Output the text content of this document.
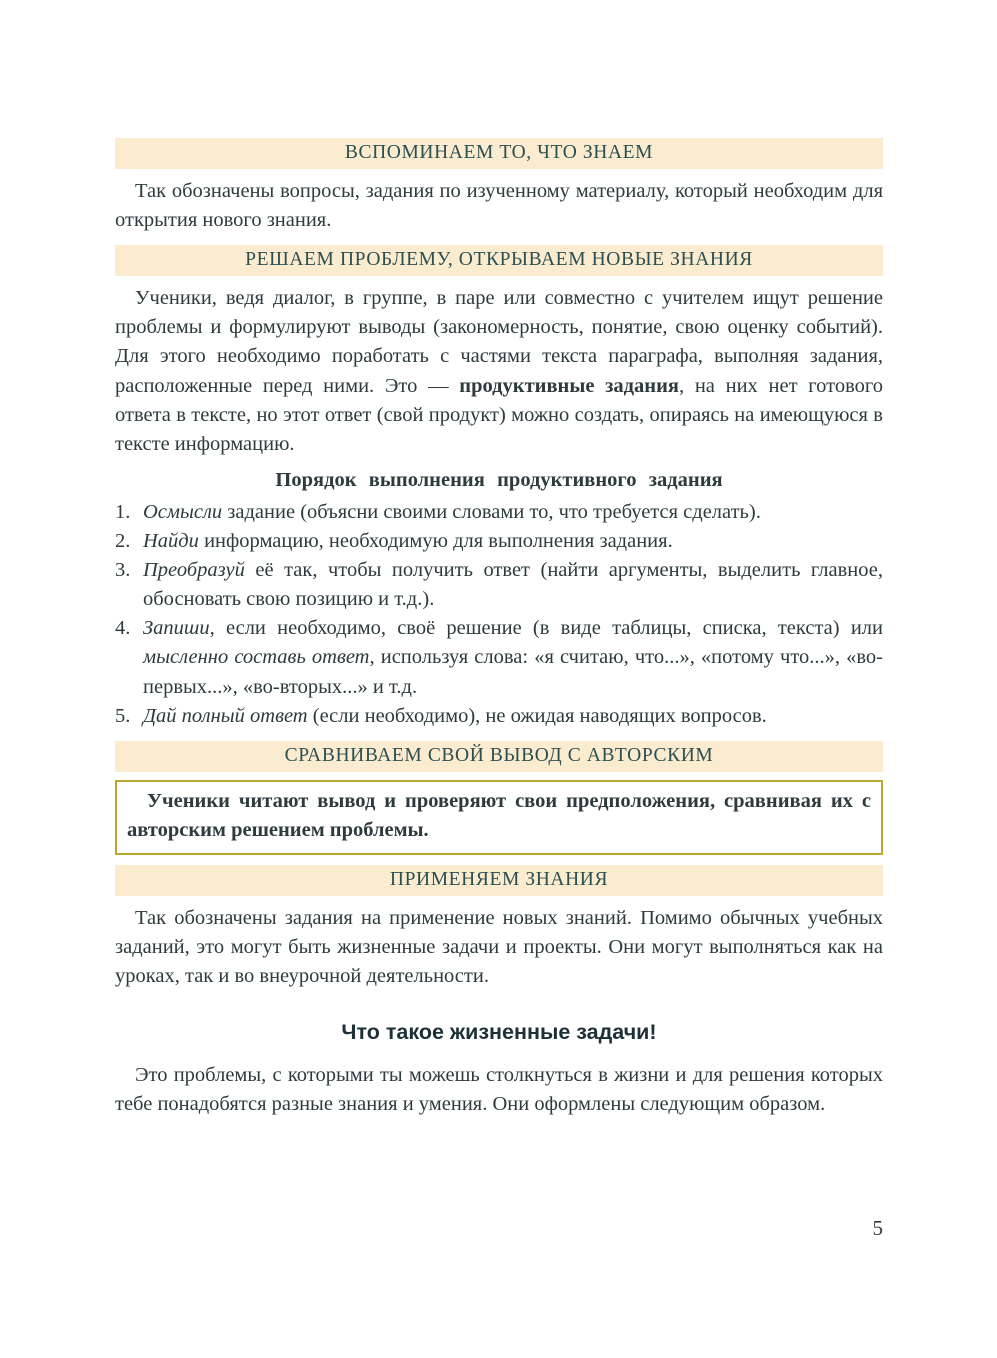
ВСПОМИНАЕМ ТО, ЧТО ЗНАЕМ

Так обозначены вопросы, задания по изученному материалу, который необходим для открытия нового знания.

РЕШАЕМ ПРОБЛЕМУ, ОТКРЫВАЕМ НОВЫЕ ЗНАНИЯ

Ученики, ведя диалог, в группе, в паре или совместно с учителем ищут решение проблемы и формулируют выводы (закономерность, понятие, свою оценку событий). Для этого необходимо поработать с частями текста параграфа, выполняя задания, расположенные перед ними. Это — продуктивные задания, на них нет готового ответа в тексте, но этот ответ (свой продукт) можно создать, опираясь на имеющуюся в тексте информацию.

Порядок выполнения продуктивного задания
1. Осмысли задание (объясни своими словами то, что требуется сделать).
2. Найди информацию, необходимую для выполнения задания.
3. Преобразуй её так, чтобы получить ответ (найти аргументы, выделить главное, обосновать свою позицию и т.д.).
4. Запиши, если необходимо, своё решение (в виде таблицы, списка, текста) или мысленно составь ответ, используя слова: «я считаю, что...», «потому что...», «во-первых...», «во-вторых...» и т.д.
5. Дай полный ответ (если необходимо), не ожидая наводящих вопросов.
СРАВНИВАЕМ СВОЙ ВЫВОД С АВТОРСКИМ
Ученики читают вывод и проверяют свои предположения, сравнивая их с авторским решением проблемы.
ПРИМЕНЯЕМ ЗНАНИЯ

Так обозначены задания на применение новых знаний. Помимо обычных учебных заданий, это могут быть жизненные задачи и проекты. Они могут выполняться как на уроках, так и во внеурочной деятельности.

Что такое жизненные задачи!

Это проблемы, с которыми ты можешь столкнуться в жизни и для решения которых тебе понадобятся разные знания и умения. Они оформлены следующим образом.

5
